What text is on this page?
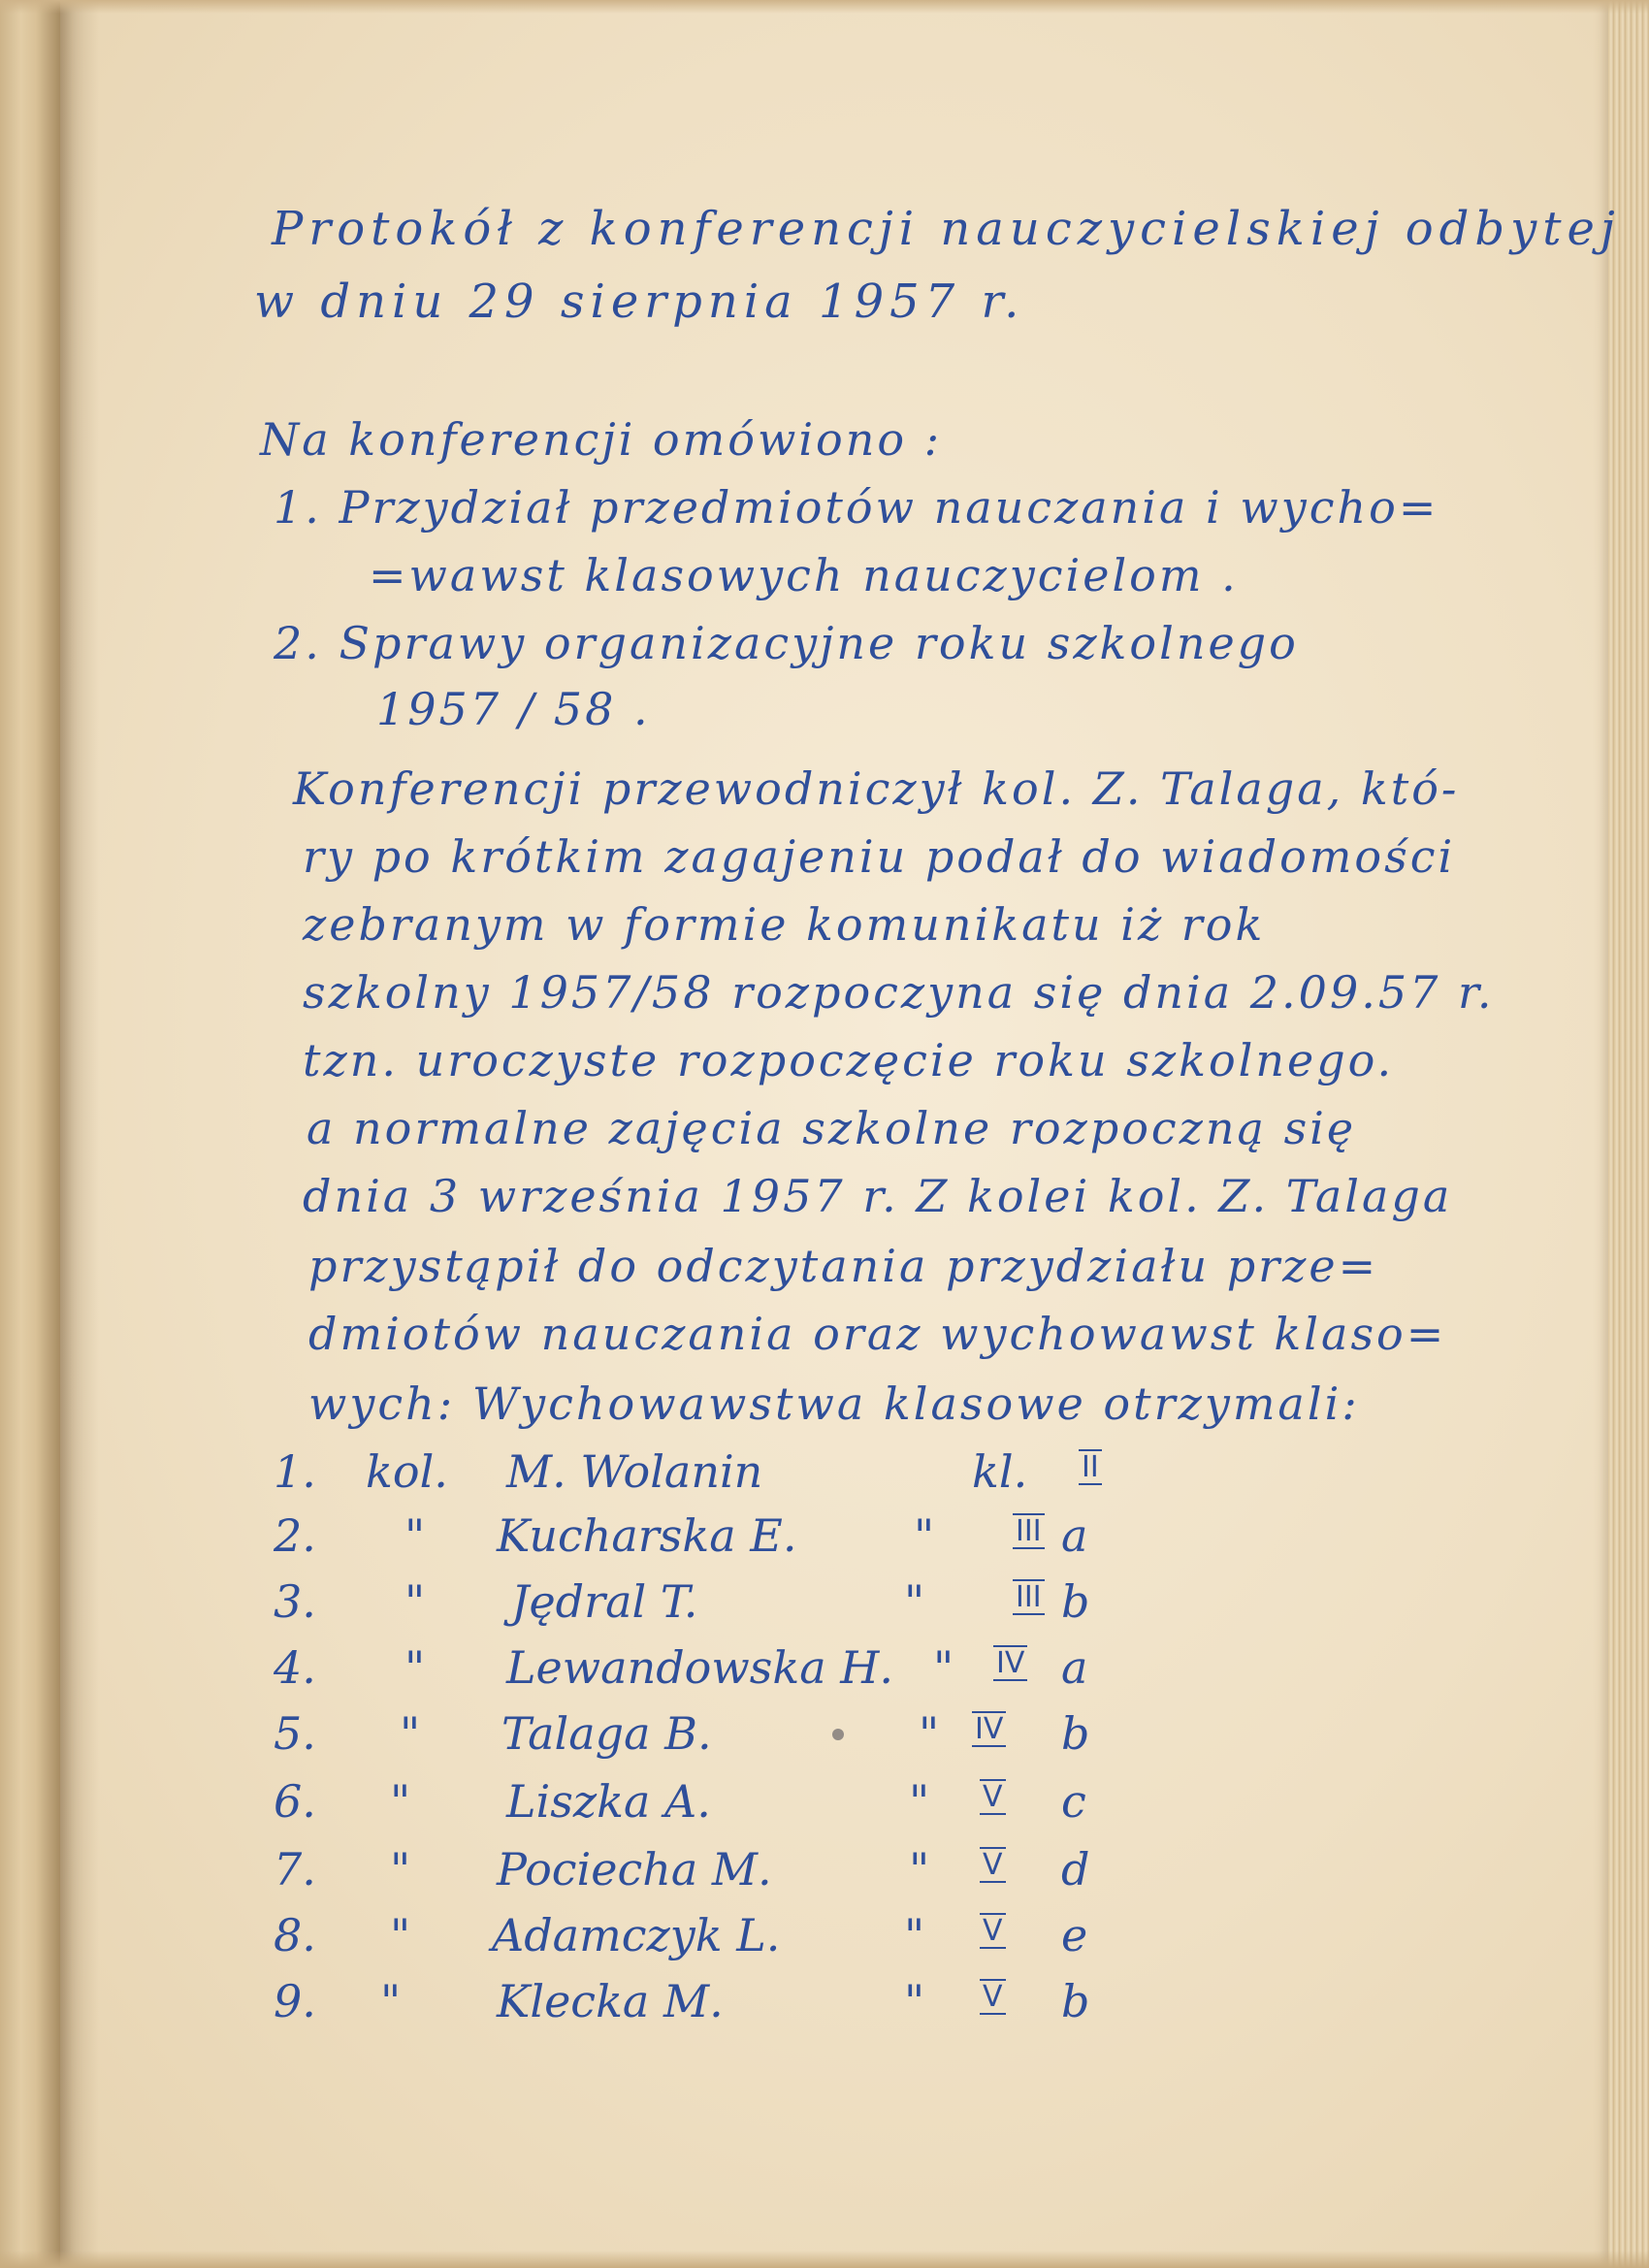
Protokół z konferencji nauczycielskiej odbytej

w dniu 29 sierpnia 1957 r.

Na konferencji omówiono :

1. Przydział przedmiotów nauczania i wycho=

=wawst klasowych nauczycielom .

2. Sprawy organizacyjne roku szkolnego

1957 / 58 .

Konferencji przewodniczył kol. Z. Talaga, któ-

ry po krótkim zagajeniu podał do wiadomości

zebranym w formie komunikatu iż rok

szkolny 1957/58 rozpoczyna się dnia 2.09.57 r.

tzn. uroczyste rozpoczęcie roku szkolnego.

a normalne zajęcia szkolne rozpoczną się

dnia 3 września 1957 r. Z kolei kol. Z. Talaga

przystąpił do odczytania przydziału prze=

dmiotów nauczania oraz wychowawst klaso=

wych: Wychowawstwa klasowe otrzymali:

1. kol. M. Wolanin	kl. II
2. " Kucharska E.	"	III a
3. " Jędral T.	"	III b
4. " Lewandowska H. " IV a
5. " Talaga B.	" IV b
6. " Liszka A.	" V c
7. " Pociecha M.	" V d
8. " Adamczyk L.	" V e
9. " Klecka M.	" V b
